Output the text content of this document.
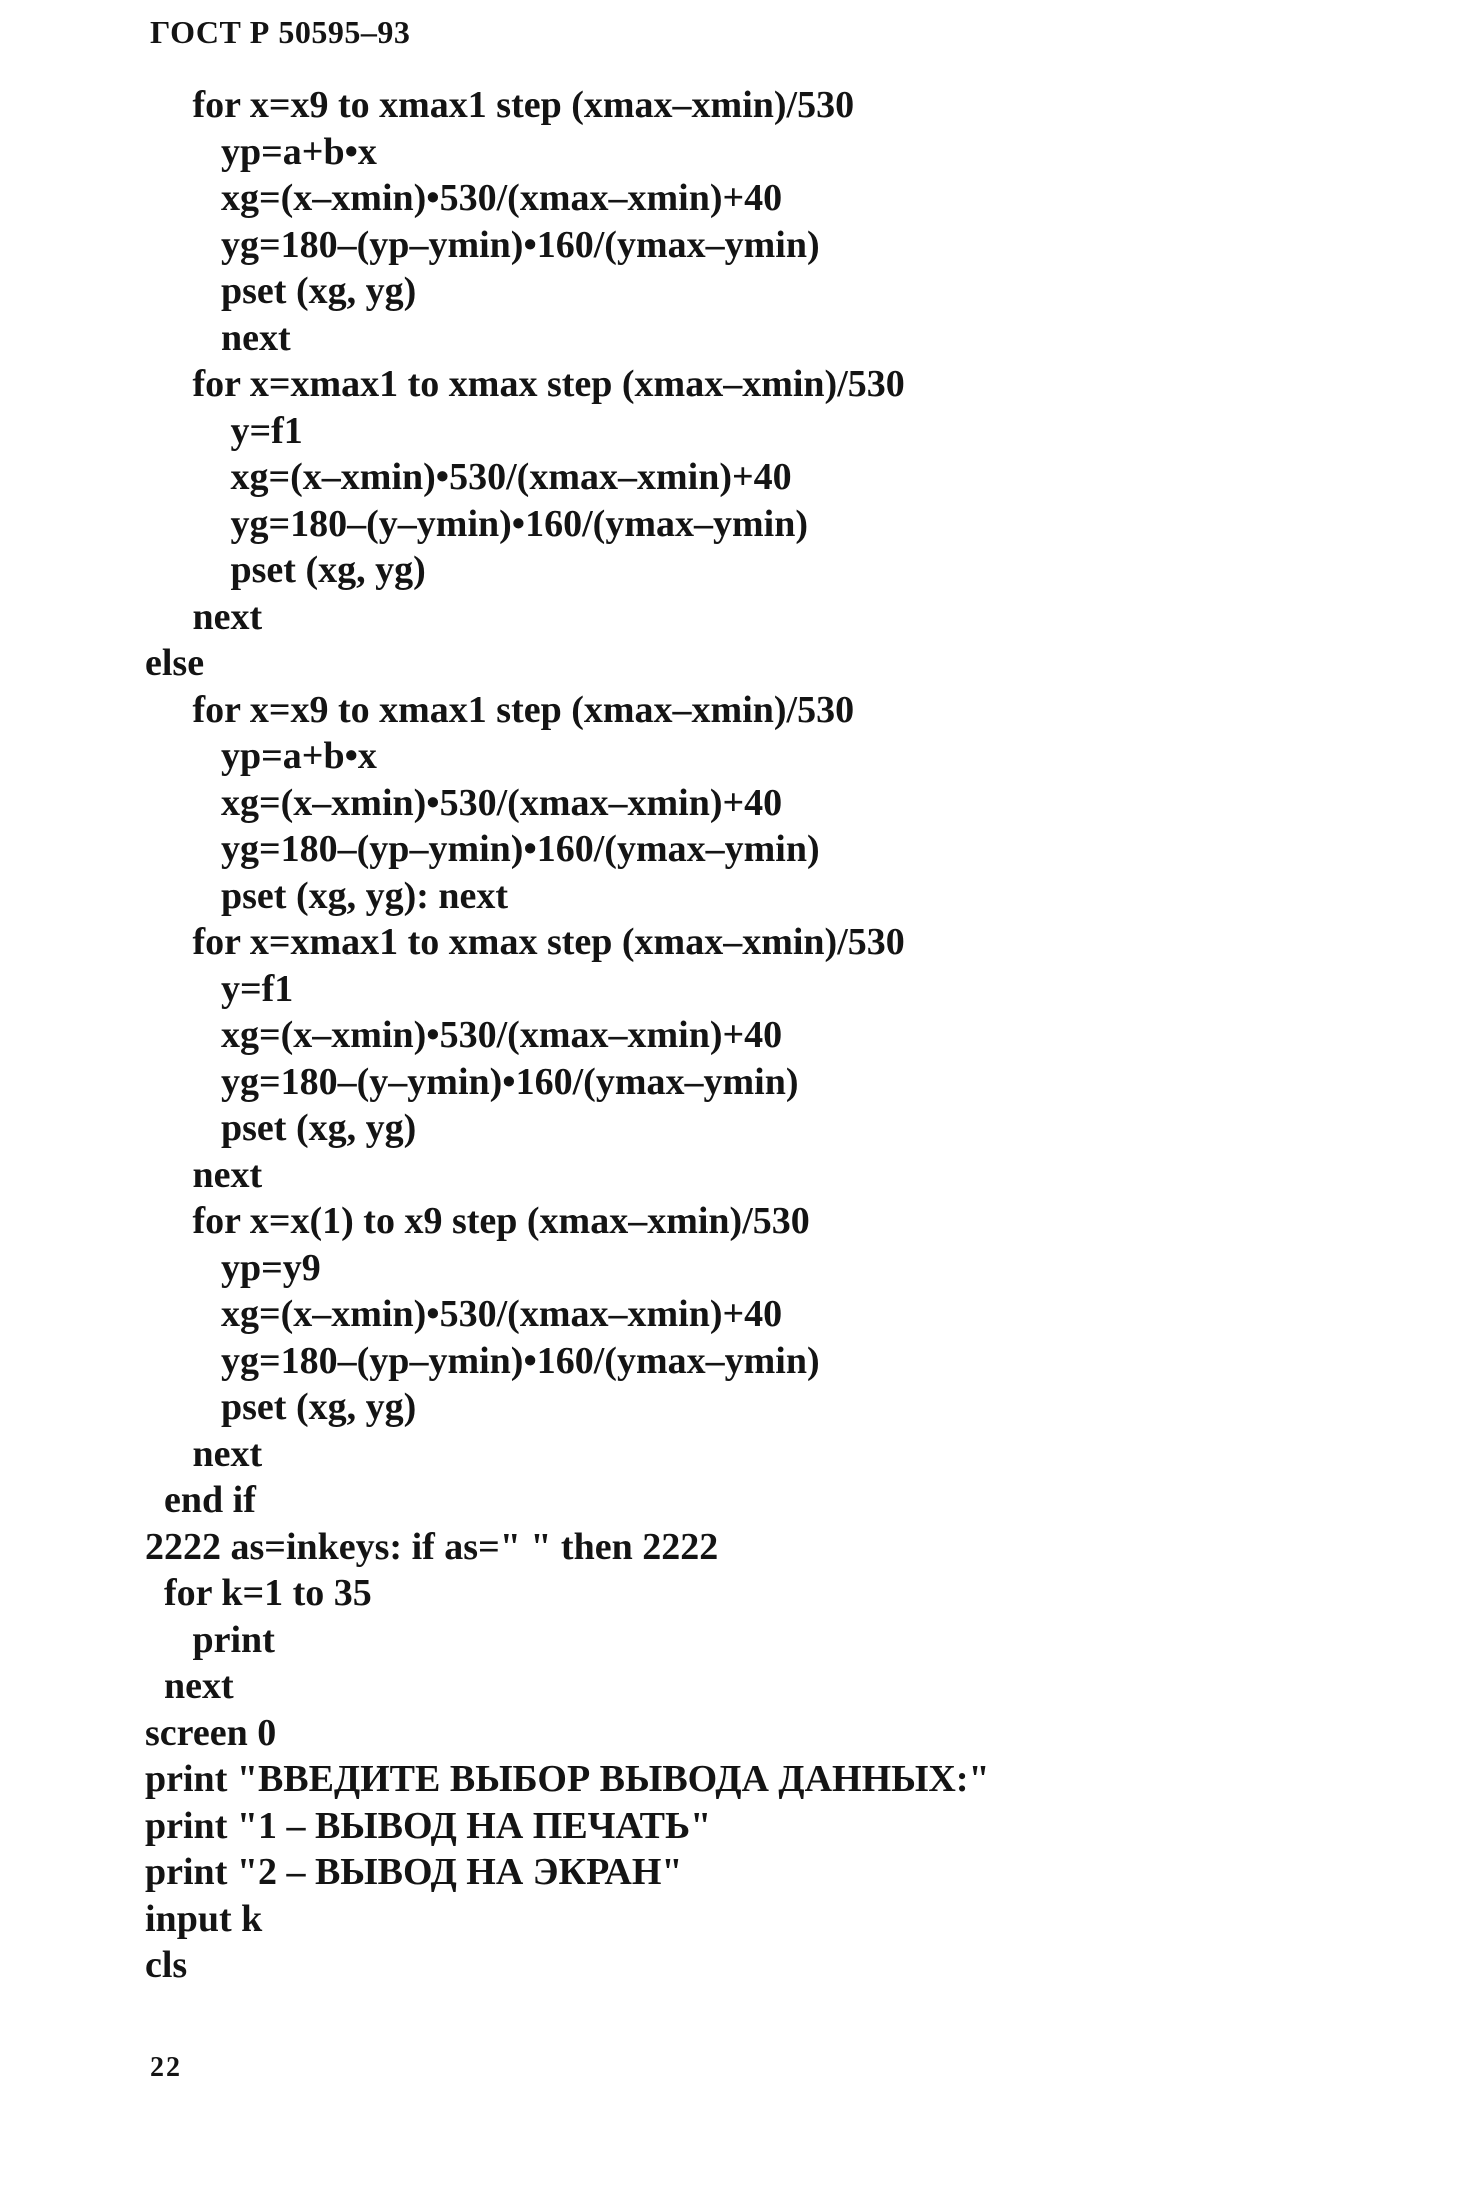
ГОСТ Р 50595–93
for x=x9 to xmax1 step (xmax–xmin)/530
yp=a+b•x
xg=(x–xmin)•530/(xmax–xmin)+40
yg=180–(yp–ymin)•160/(ymax–ymin)
pset (xg, yg)
next
for x=xmax1 to xmax step (xmax–xmin)/530
y=f1
xg=(x–xmin)•530/(xmax–xmin)+40
yg=180–(y–ymin)•160/(ymax–ymin)
pset (xg, yg)
next
else
for x=x9 to xmax1 step (xmax–xmin)/530
yp=a+b•x
xg=(x–xmin)•530/(xmax–xmin)+40
yg=180–(yp–ymin)•160/(ymax–ymin)
pset (xg, yg): next
for x=xmax1 to xmax step (xmax–xmin)/530
y=f1
xg=(x–xmin)•530/(xmax–xmin)+40
yg=180–(y–ymin)•160/(ymax–ymin)
pset (xg, yg)
next
for x=x(1) to x9 step (xmax–xmin)/530
yp=y9
xg=(x–xmin)•530/(xmax–xmin)+40
yg=180–(yp–ymin)•160/(ymax–ymin)
pset (xg, yg)
next
end if
2222 as=inkeys: if as=" " then 2222
for k=1 to 35
print
next
screen 0
print "ВВЕДИТЕ ВЫБОР ВЫВОДА ДАННЫХ:"
print "1 – ВЫВОД НА ПЕЧАТЬ"
print "2 – ВЫВОД НА ЭКРАН"
input k
cls
22
